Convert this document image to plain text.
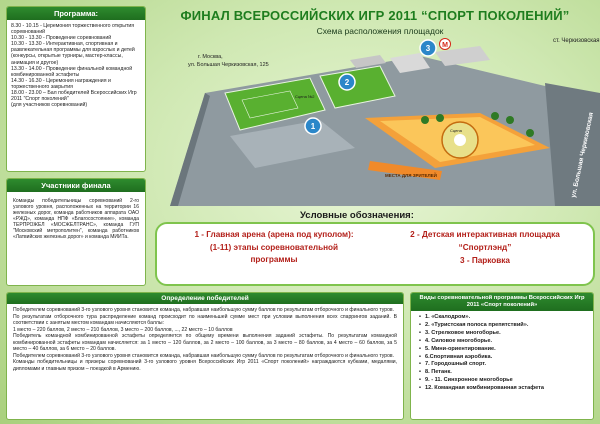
Программа:
8.30 - 10.15 - Церемония торжественного открытия соревнований
10.30 - 13.30 - Проведение соревнований
10.30 - 13.30 - Интерактивная, спортивная и развлекательная программы для взрослых и детей (конкурсы, открытые турниры, мастер-классы, анимация и другое)
13.30 - 14.00 - Проведение финальной командной комбинированной эстафеты
14.30 - 16.30 - Церемония награждения и торжественного закрытия
18.00 - 23.00 – Бал победителей Всероссийских Игр 2011 "Спорт поколений"
(для участников соревнований)
Участники финала
Команды победительницы соревнований 2-го узлового уровня, расположенных на территории 16 железных дорог, команда работников аппарата ОАО «РЖД», команда НПФ «Благосостояние», команда ТЕРПРОЖЕЛ «МОСЖЕЛТРАНС», команда ГУП "Московский метрополитен", команда работников «Латвийских железных дорог» и команда МИИТа.
ФИНАЛ ВСЕРОССИЙСКИХ ИГР 2011 “СПОРТ ПОКОЛЕНИЙ”
Схема расположения площадок
1
2
3 M
г. Москва,
ул. Большая Черкизовская, 125
Сцена №2
Сцена
МЕСТА ДЛЯ ЗРИТЕЛЕЙ	ул. Большая Черкизовская
ст. Черкизовская
Условные обозначения:
1 - Главная арена (арена под куполом):
(1-11) этапы соревновательной
программы
2 - Детская интерактивная площадка
“Спортлэнд”
3 - Парковка
Определение победителей
Победителем соревнований 3-го узлового уровня становится команда, набравшая наибольшую сумму баллов по результатам отборочного и финального туров.
По результатам отборочного тура распределение команд происходит по наименьшей сумме мест при условии выполнения всех спаррингов заданий. В соответствии с занятым местом командам начисляются баллы:
1 место – 220 баллов, 2 место – 210 баллов, 3 место – 200 баллов, ..., 22 место – 10 баллов
Победитель командной комбинированной эстафеты определяется по общему времени выполнения заданий эстафеты. По результатам командной комбинированной эстафеты командам начисляется: за 1 место – 120 баллов, за 2 место – 100 баллов, за 3 место – 80 баллов, за 4 место – 60 баллов, за 5 место – 40 баллов, за 6 место – 20 баллов.
Победителем соревнований 3-го узлового уровня становится команда, набравшая наибольшую сумму баллов по результатам отборочного и финального туров.
Команды победительницы и призеры соревнований 3-го узлового уровня Всероссийских Игр 2011 «Спорт поколений» награждаются кубками, медалями, дипломами и главным призом – поездкой в Армению.
Виды соревновательной программы Всероссийских Игр 2011 «Спорт поколений»
• 1. «Скалодром».
• 2. «Туристская полоса препятствий».
• 3. Стрелковое многоборье.
• 4. Силовое многоборье.
• 5. Мини-ориентирование.
• 6.Спортивная аэробика.
• 7. Городошный спорт.
• 8. Петанк.
• 9. - 11. Синхронное многоборье
• 12. Командная комбинированная эстафета
